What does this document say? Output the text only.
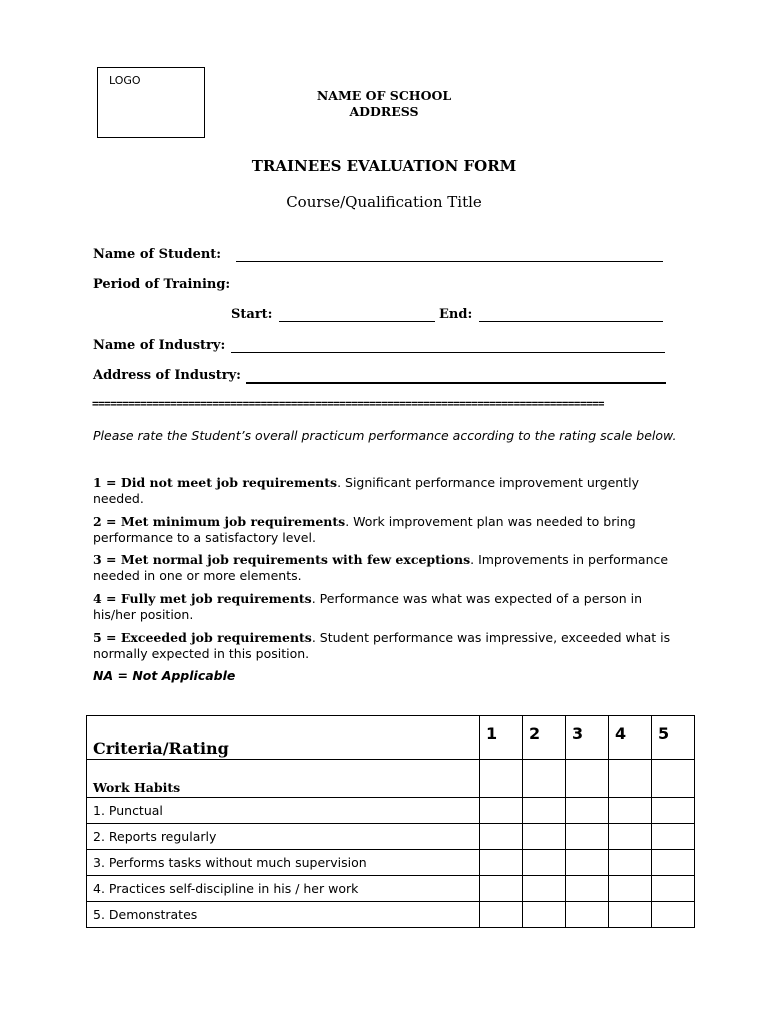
LOGO
NAME OF SCHOOL
ADDRESS
TRAINEES EVALUATION FORM
Course/Qualification Title
Name of Student:
Period of Training:
Start:	End:
Name of Industry:
Address of Industry:
=====================================================================================
Please rate the Student’s overall practicum performance according to the rating scale below.
1 = Did not meet job requirements. Significant performance improvement urgently needed.
2 = Met minimum job requirements. Work improvement plan was needed to bring performance to a satisfactory level.
3 = Met normal job requirements with few exceptions. Improvements in performance needed in one or more elements.
4 = Fully met job requirements. Performance was what was expected of a person in his/her position.
5 = Exceeded job requirements. Student performance was impressive, exceeded what is normally expected in this position.
NA = Not Applicable
Criteria/Rating	1	2	3	4	5
Work Habits					
1. Punctual					
2. Reports regularly					
3. Performs tasks without much supervision					
4. Practices self-discipline in his / her work					
5. Demonstrates					
